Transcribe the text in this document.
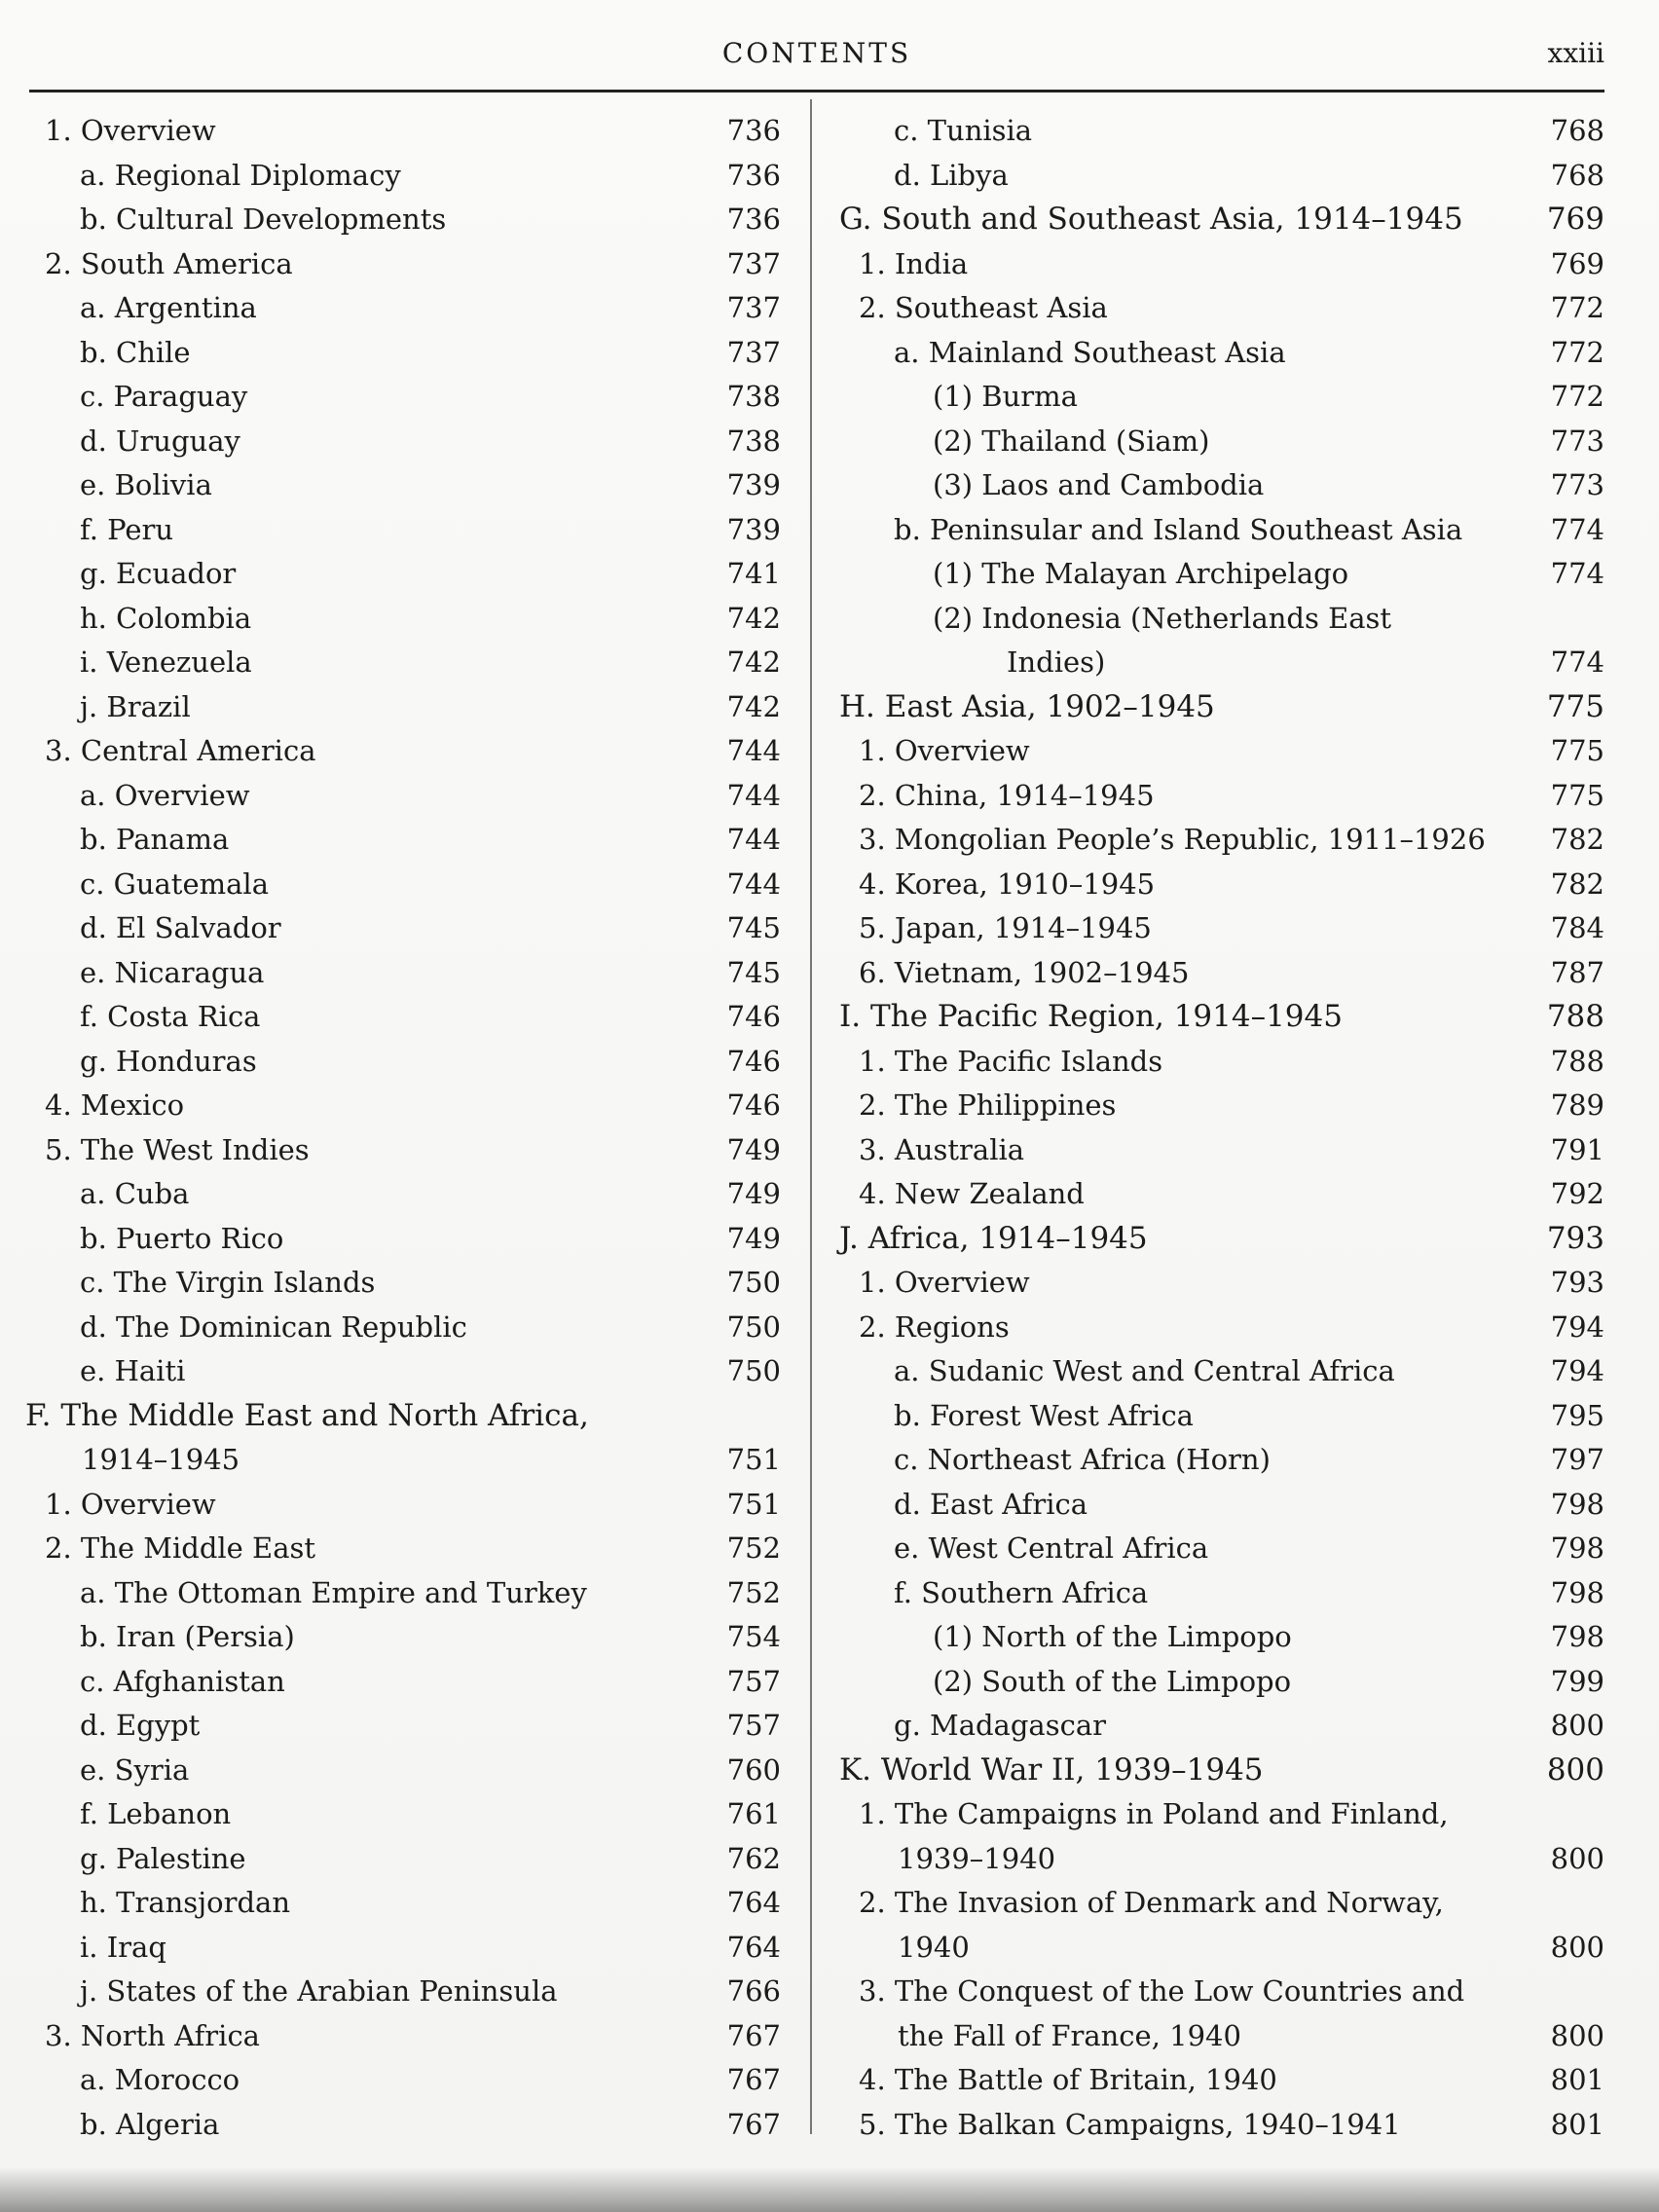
CONTENTS	xxiii
1. Overview	736
a. Regional Diplomacy	736
b. Cultural Developments	736
2. South America	737
a. Argentina	737
b. Chile	737
c. Paraguay	738
d. Uruguay	738
e. Bolivia	739
f. Peru	739
g. Ecuador	741
h. Colombia	742
i. Venezuela	742
j. Brazil	742
3. Central America	744
a. Overview	744
b. Panama	744
c. Guatemala	744
d. El Salvador	745
e. Nicaragua	745
f. Costa Rica	746
g. Honduras	746
4. Mexico	746
5. The West Indies	749
a. Cuba	749
b. Puerto Rico	749
c. The Virgin Islands	750
d. The Dominican Republic	750
e. Haiti	750
F. The Middle East and North Africa,
1914–1945	751
1. Overview	751
2. The Middle East	752
a. The Ottoman Empire and Turkey	752
b. Iran (Persia)	754
c. Afghanistan	757
d. Egypt	757
e. Syria	760
f. Lebanon	761
g. Palestine	762
h. Transjordan	764
i. Iraq	764
j. States of the Arabian Peninsula	766
3. North Africa	767
a. Morocco	767
b. Algeria	767
c. Tunisia	768
d. Libya	768
G. South and Southeast Asia, 1914–1945	769
1. India	769
2. Southeast Asia	772
a. Mainland Southeast Asia	772
(1) Burma	772
(2) Thailand (Siam)	773
(3) Laos and Cambodia	773
b. Peninsular and Island Southeast Asia	774
(1) The Malayan Archipelago	774
(2) Indonesia (Netherlands East
Indies)	774
H. East Asia, 1902–1945	775
1. Overview	775
2. China, 1914–1945	775
3. Mongolian People’s Republic, 1911–1926 782
4. Korea, 1910–1945	782
5. Japan, 1914–1945	784
6. Vietnam, 1902–1945	787
I. The Pacific Region, 1914–1945	788
1. The Pacific Islands	788
2. The Philippines	789
3. Australia	791
4. New Zealand	792
J. Africa, 1914–1945	793
1. Overview	793
2. Regions	794
a. Sudanic West and Central Africa	794
b. Forest West Africa	795
c. Northeast Africa (Horn)	797
d. East Africa	798
e. West Central Africa	798
f. Southern Africa	798
(1) North of the Limpopo	798
(2) South of the Limpopo	799
g. Madagascar	800
K. World War II, 1939–1945	800
1. The Campaigns in Poland and Finland,
1939–1940	800
2. The Invasion of Denmark and Norway,
1940	800
3. The Conquest of the Low Countries and
the Fall of France, 1940	800
4. The Battle of Britain, 1940	801
5. The Balkan Campaigns, 1940–1941	801
